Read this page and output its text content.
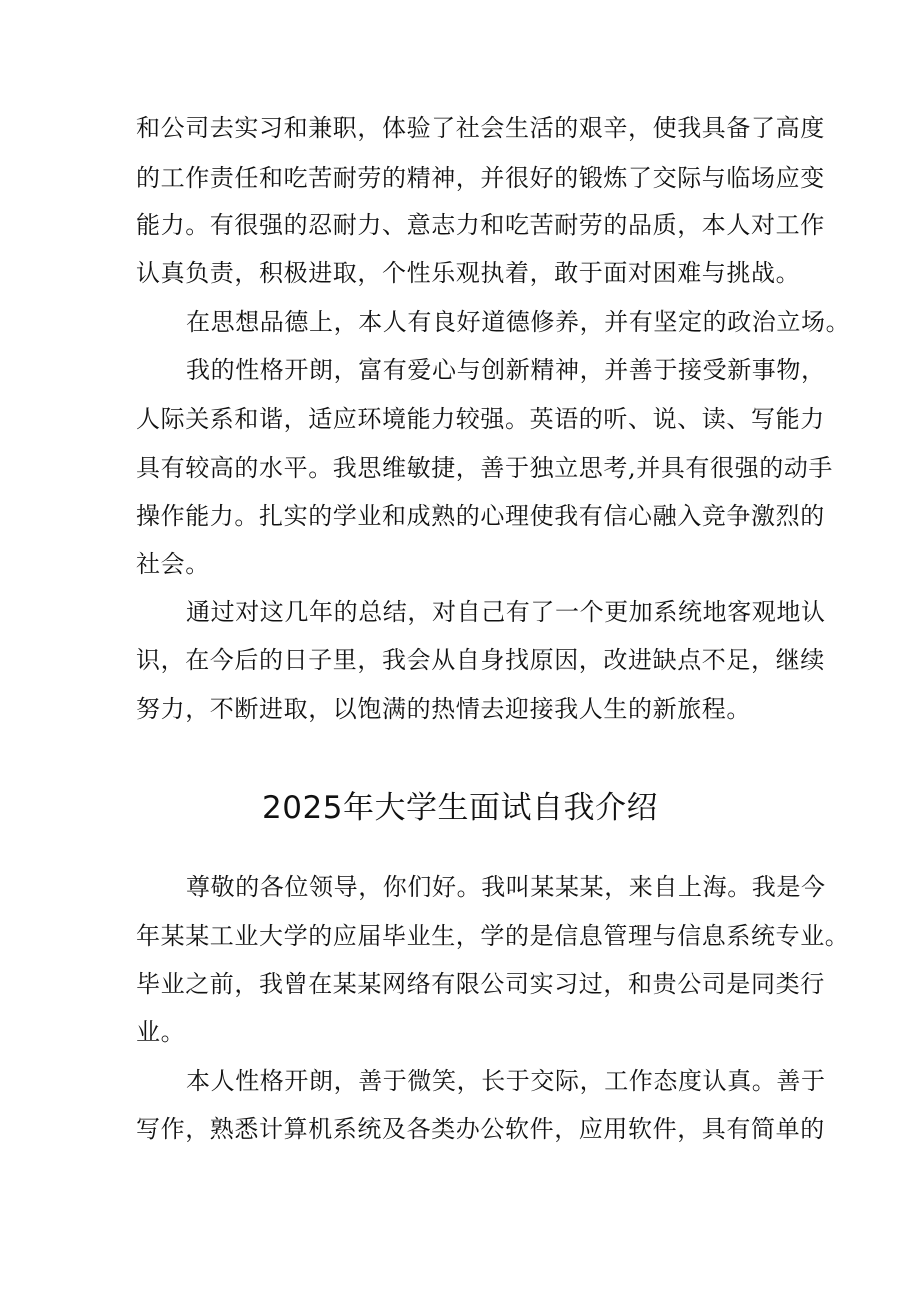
和公司去实习和兼职，体验了社会生活的艰辛，使我具备了高度
的工作责任和吃苦耐劳的精神，并很好的锻炼了交际与临场应变
能力。有很强的忍耐力、意志力和吃苦耐劳的品质，本人对工作
认真负责，积极进取，个性乐观执着，敢于面对困难与挑战。
在思想品德上，本人有良好道德修养，并有坚定的政治立场。
我的性格开朗，富有爱心与创新精神，并善于接受新事物，
人际关系和谐，适应环境能力较强。英语的听、说、读、写能力
具有较高的水平。我思维敏捷，善于独立思考,并具有很强的动手
操作能力。扎实的学业和成熟的心理使我有信心融入竞争激烈的
社会。
通过对这几年的总结，对自己有了一个更加系统地客观地认
识，在今后的日子里，我会从自身找原因，改进缺点不足，继续
努力，不断进取，以饱满的热情去迎接我人生的新旅程。
2025年大学生面试自我介绍
尊敬的各位领导，你们好。我叫某某某，来自上海。我是今
年某某工业大学的应届毕业生，学的是信息管理与信息系统专业。
毕业之前，我曾在某某网络有限公司实习过，和贵公司是同类行
业。
本人性格开朗，善于微笑，长于交际，工作态度认真。善于
写作，熟悉计算机系统及各类办公软件，应用软件，具有简单的
